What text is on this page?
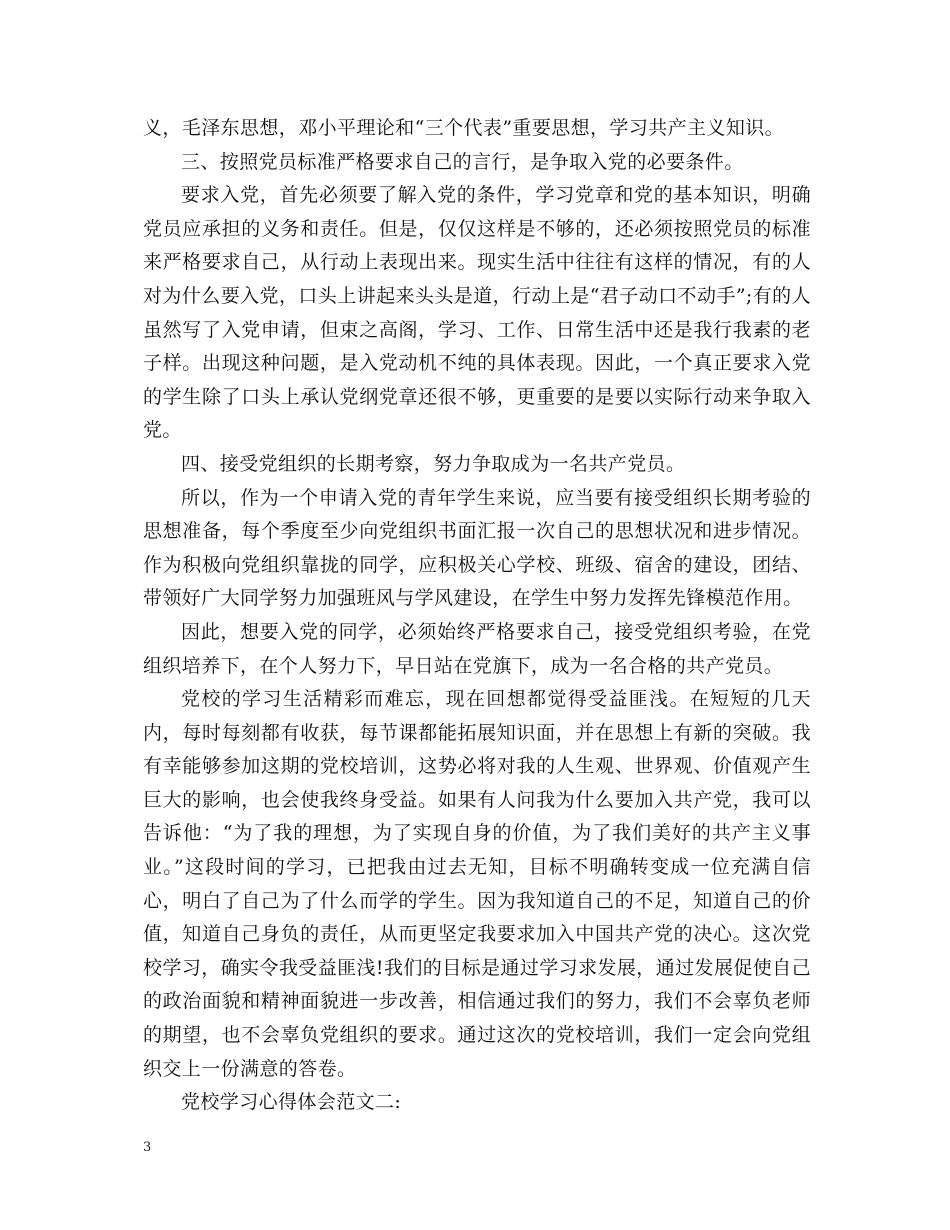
义，毛泽东思想，邓小平理论和“三个代表”重要思想，学习共产主义知识。

三、按照党员标准严格要求自己的言行，是争取入党的必要条件。

要求入党，首先必须要了解入党的条件，学习党章和党的基本知识，明确党员应承担的义务和责任。但是，仅仅这样是不够的，还必须按照党员的标准来严格要求自己，从行动上表现出来。现实生活中往往有这样的情况，有的人对为什么要入党，口头上讲起来头头是道，行动上是“君子动口不动手”;有的人虽然写了入党申请，但束之高阁，学习、工作、日常生活中还是我行我素的老子样。出现这种问题，是入党动机不纯的具体表现。因此，一个真正要求入党的学生除了口头上承认党纲党章还很不够，更重要的是要以实际行动来争取入党。

四、接受党组织的长期考察，努力争取成为一名共产党员。

所以，作为一个申请入党的青年学生来说，应当要有接受组织长期考验的思想准备，每个季度至少向党组织书面汇报一次自己的思想状况和进步情况。作为积极向党组织靠拢的同学，应积极关心学校、班级、宿舍的建设，团结、带领好广大同学努力加强班风与学风建设，在学生中努力发挥先锋模范作用。

因此，想要入党的同学，必须始终严格要求自己，接受党组织考验，在党组织培养下，在个人努力下，早日站在党旗下，成为一名合格的共产党员。

党校的学习生活精彩而难忘，现在回想都觉得受益匪浅。在短短的几天内，每时每刻都有收获，每节课都能拓展知识面，并在思想上有新的突破。我有幸能够参加这期的党校培训，这势必将对我的人生观、世界观、价值观产生巨大的影响，也会使我终身受益。如果有人问我为什么要加入共产党，我可以告诉他：“为了我的理想，为了实现自身的价值，为了我们美好的共产主义事业。”这段时间的学习，已把我由过去无知，目标不明确转变成一位充满自信心，明白了自己为了什么而学的学生。因为我知道自己的不足，知道自己的价值，知道自己身负的责任，从而更坚定我要求加入中国共产党的决心。这次党校学习，确实令我受益匪浅!我们的目标是通过学习求发展，通过发展促使自己的政治面貌和精神面貌进一步改善，相信通过我们的努力，我们不会辜负老师的期望，也不会辜负党组织的要求。通过这次的党校培训，我们一定会向党组织交上一份满意的答卷。

党校学习心得体会范文二:

3
